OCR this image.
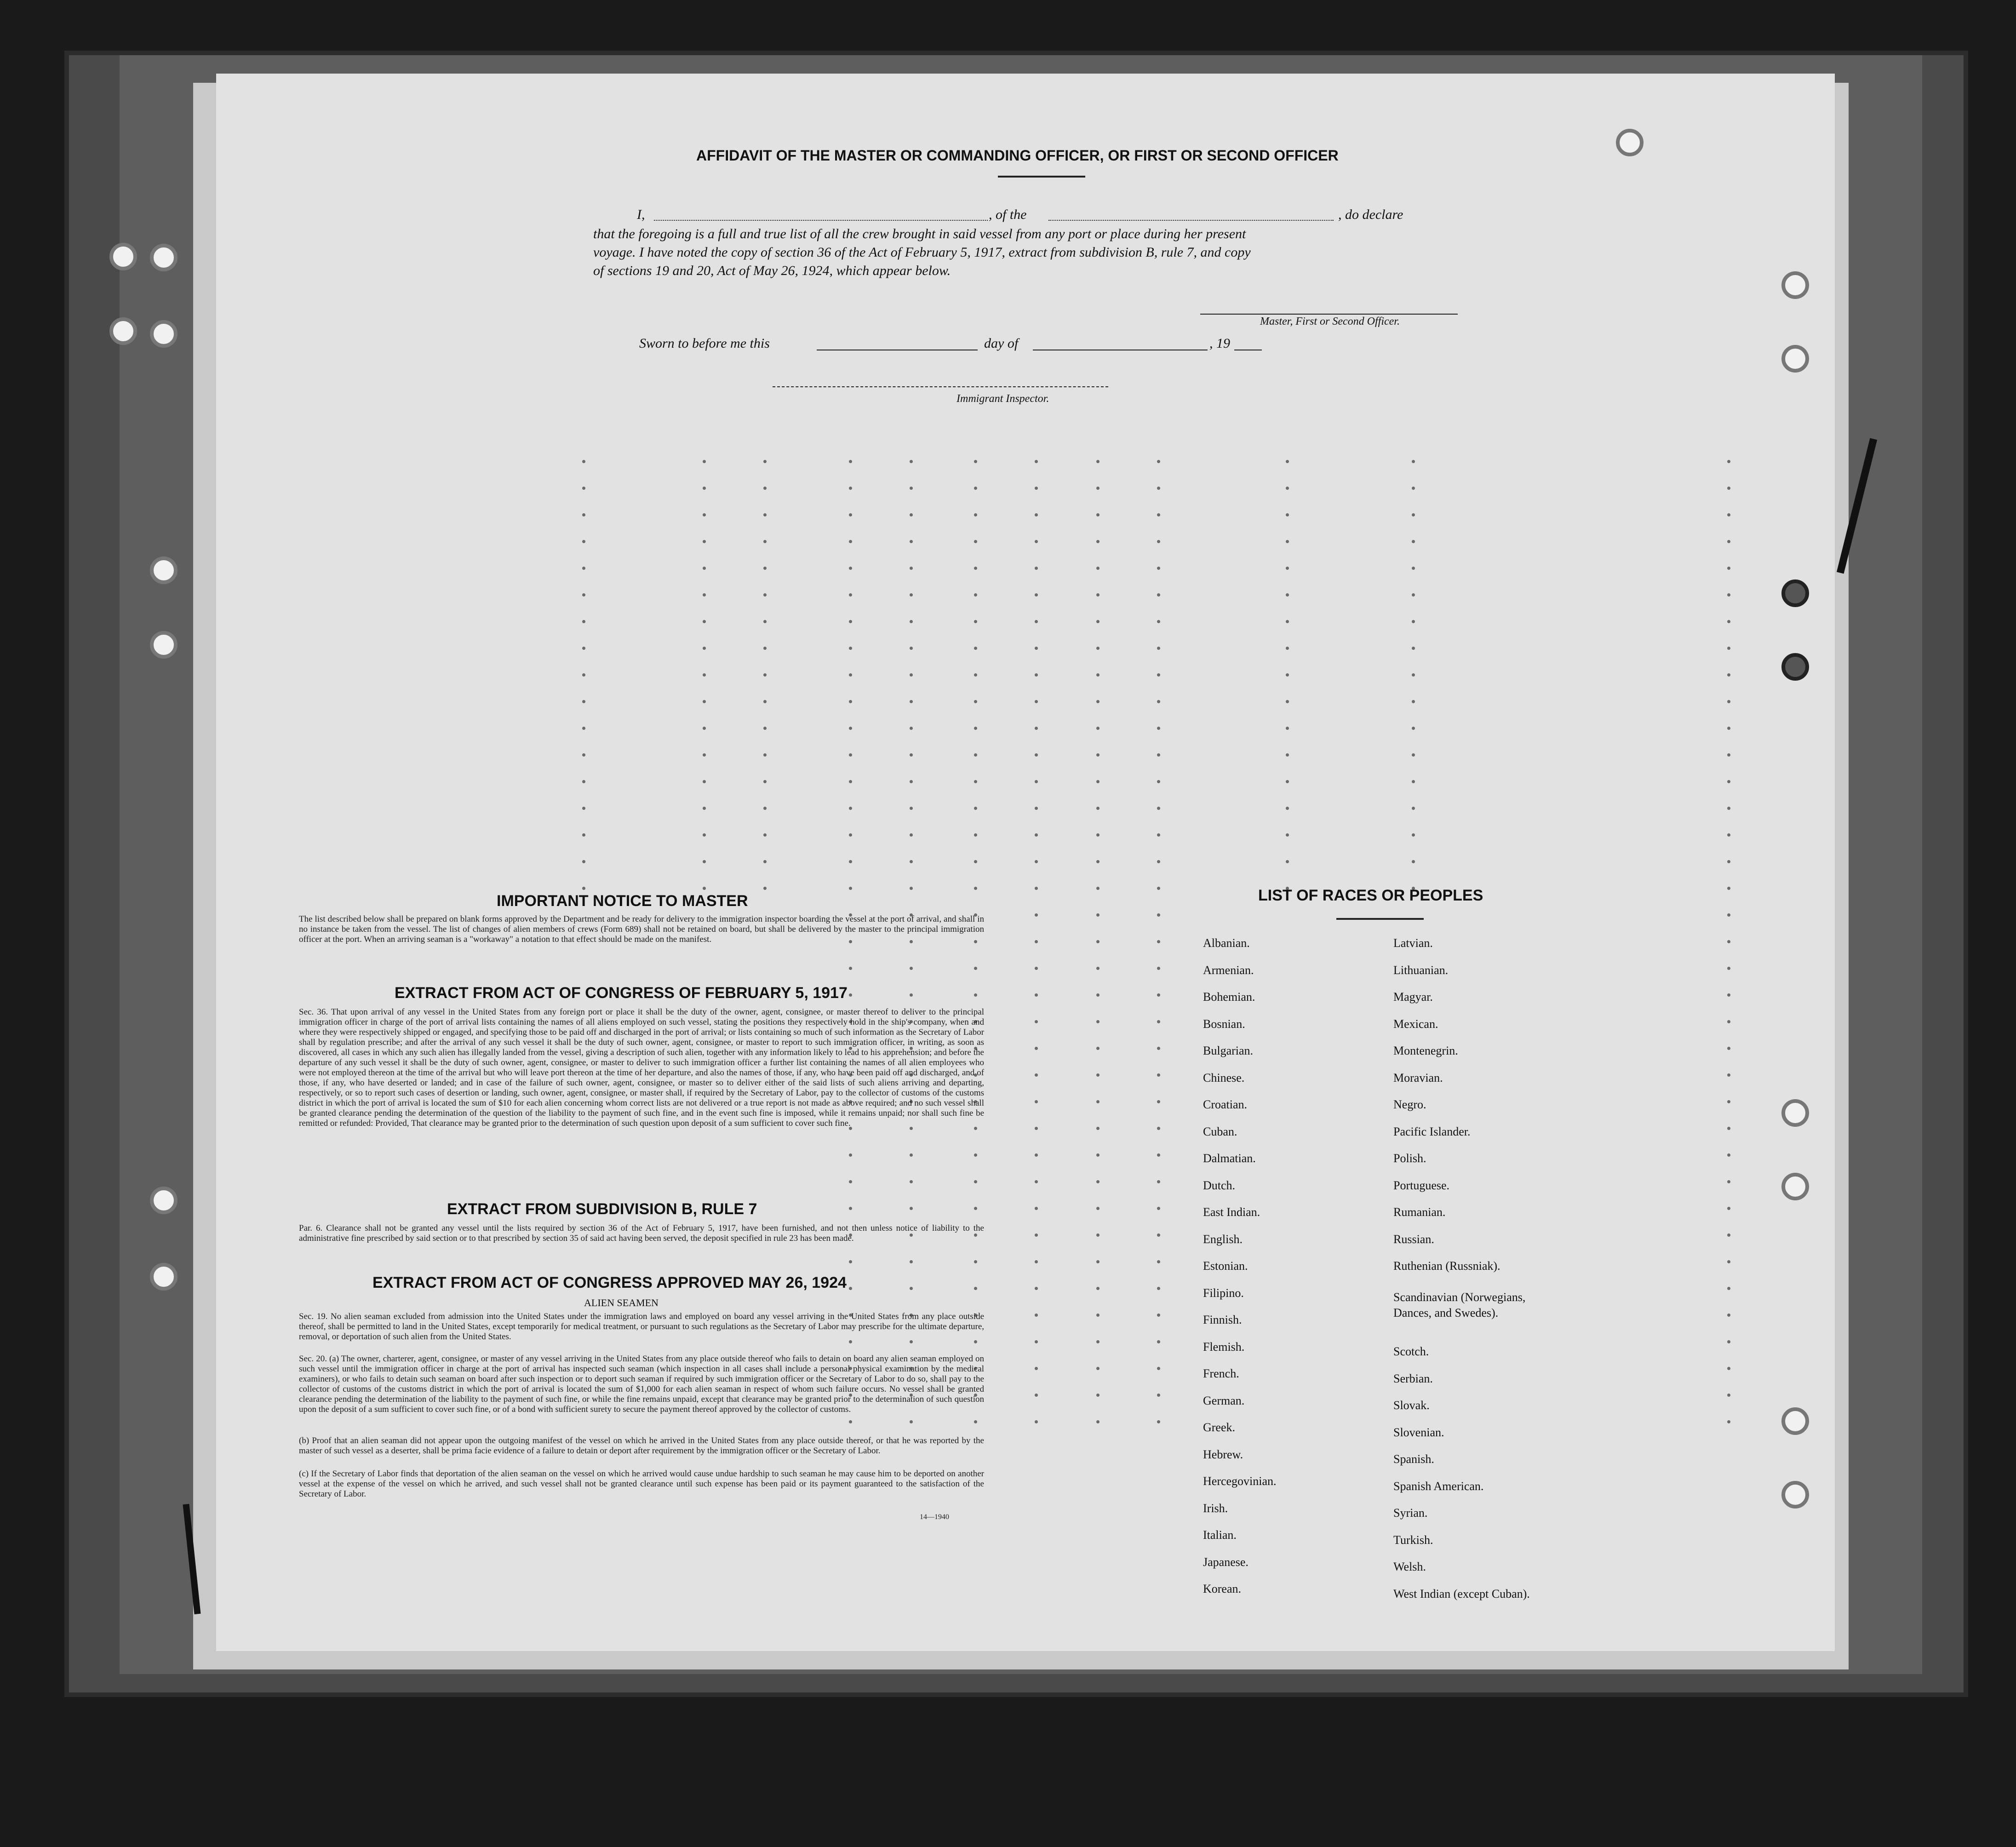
AFFIDAVIT OF THE MASTER OR COMMANDING OFFICER, OR FIRST OR SECOND OFFICER
I,	, of the	, do declare
that the foregoing is a full and true list of all the crew brought in said vessel from any port or place during her present
voyage. I have noted the copy of section 36 of the Act of February 5, 1917, extract from subdivision B, rule 7, and copy
of sections 19 and 20, Act of May 26, 1924, which appear below.
Master, First or Second Officer.
Sworn to before me this	day of	, 19
Immigrant Inspector.
IMPORTANT NOTICE TO MASTER
The list described below shall be prepared on blank forms approved by the Department and be ready for delivery to the immigration inspector boarding the vessel at the port of arrival, and shall in no instance be taken from the vessel. The list of changes of alien members of crews (Form 689) shall not be retained on board, but shall be delivered by the master to the principal immigration officer at the port. When an arriving seaman is a "workaway" a notation to that effect should be made on the manifest.
EXTRACT FROM ACT OF CONGRESS OF FEBRUARY 5, 1917
Sec. 36. That upon arrival of any vessel in the United States from any foreign port or place it shall be the duty of the owner, agent, consignee, or master thereof to deliver to the principal immigration officer in charge of the port of arrival lists containing the names of all aliens employed on such vessel, stating the positions they respectively hold in the ship's company, when and where they were respectively shipped or engaged, and specifying those to be paid off and discharged in the port of arrival; or lists containing so much of such information as the Secretary of Labor shall by regulation prescribe; and after the arrival of any such vessel it shall be the duty of such owner, agent, consignee, or master to report to such immigration officer, in writing, as soon as discovered, all cases in which any such alien has illegally landed from the vessel, giving a description of such alien, together with any information likely to lead to his apprehension; and before the departure of any such vessel it shall be the duty of such owner, agent, consignee, or master to deliver to such immigration officer a further list containing the names of all alien employees who were not employed thereon at the time of the arrival but who will leave port thereon at the time of her departure, and also the names of those, if any, who have been paid off and discharged, and of those, if any, who have deserted or landed; and in case of the failure of such owner, agent, consignee, or master so to deliver either of the said lists of such aliens arriving and departing, respectively, or so to report such cases of desertion or landing, such owner, agent, consignee, or master shall, if required by the Secretary of Labor, pay to the collector of customs of the customs district in which the port of arrival is located the sum of $10 for each alien concerning whom correct lists are not delivered or a true report is not made as above required; and no such vessel shall be granted clearance pending the determination of the question of the liability to the payment of such fine, and in the event such fine is imposed, while it remains unpaid; nor shall such fine be remitted or refunded: Provided, That clearance may be granted prior to the determination of such question upon deposit of a sum sufficient to cover such fine.
EXTRACT FROM SUBDIVISION B, RULE 7
Par. 6. Clearance shall not be granted any vessel until the lists required by section 36 of the Act of February 5, 1917, have been furnished, and not then unless notice of liability to the administrative fine prescribed by said section or to that prescribed by section 35 of said act having been served, the deposit specified in rule 23 has been made.
EXTRACT FROM ACT OF CONGRESS APPROVED MAY 26, 1924
ALIEN SEAMEN
Sec. 19. No alien seaman excluded from admission into the United States under the immigration laws and employed on board any vessel arriving in the United States from any place outside thereof, shall be permitted to land in the United States, except temporarily for medical treatment, or pursuant to such regulations as the Secretary of Labor may prescribe for the ultimate departure, removal, or deportation of such alien from the United States.
Sec. 20. (a) The owner, charterer, agent, consignee, or master of any vessel arriving in the United States from any place outside thereof who fails to detain on board any alien seaman employed on such vessel until the immigration officer in charge at the port of arrival has inspected such seaman (which inspection in all cases shall include a personal physical examination by the medical examiners), or who fails to detain such seaman on board after such inspection or to deport such seaman if required by such immigration officer or the Secretary of Labor to do so, shall pay to the collector of customs of the customs district in which the port of arrival is located the sum of $1,000 for each alien seaman in respect of whom such failure occurs. No vessel shall be granted clearance pending the determination of the liability to the payment of such fine, or while the fine remains unpaid, except that clearance may be granted prior to the determination of such question upon the deposit of a sum sufficient to cover such fine, or of a bond with sufficient surety to secure the payment thereof approved by the collector of customs.
(b) Proof that an alien seaman did not appear upon the outgoing manifest of the vessel on which he arrived in the United States from any place outside thereof, or that he was reported by the master of such vessel as a deserter, shall be prima facie evidence of a failure to detain or deport after requirement by the immigration officer or the Secretary of Labor.
(c) If the Secretary of Labor finds that deportation of the alien seaman on the vessel on which he arrived would cause undue hardship to such seaman he may cause him to be deported on another vessel at the expense of the vessel on which he arrived, and such vessel shall not be granted clearance until such expense has been paid or its payment guaranteed to the satisfaction of the Secretary of Labor.
14—1940
LIST OF RACES OR PEOPLES
Albanian.
Armenian.
Bohemian.
Bosnian.
Bulgarian.
Chinese.
Croatian.
Cuban.
Dalmatian.
Dutch.
East Indian.
English.
Estonian.
Filipino.
Finnish.
Flemish.
French.
German.
Greek.
Hebrew.
Hercegovinian.
Irish.
Italian.
Japanese.
Korean.
Latvian.
Lithuanian.
Magyar.
Mexican.
Montenegrin.
Moravian.
Negro.
Pacific Islander.
Polish.
Portuguese.
Rumanian.
Russian.
Ruthenian (Russniak).
Scandinavian (Norwegians,
Dances, and Swedes).
Scotch.
Serbian.
Slovak.
Slovenian.
Spanish.
Spanish American.
Syrian.
Turkish.
Welsh.
West Indian (except Cuban).
